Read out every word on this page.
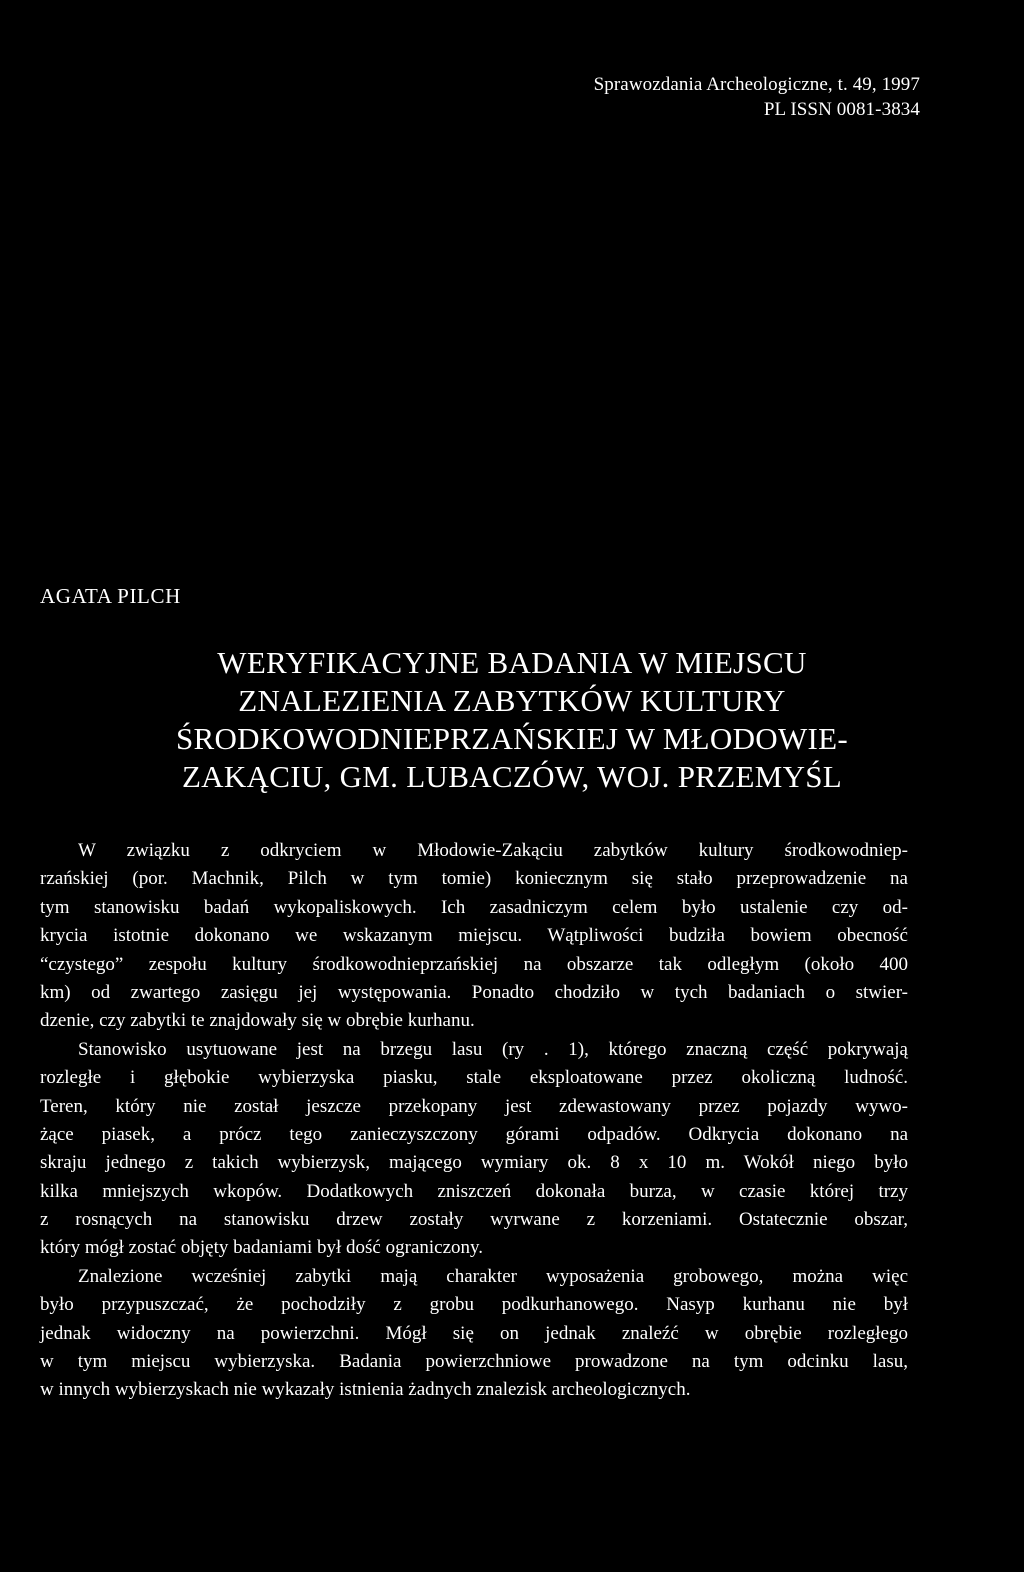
Sprawozdania Archeologiczne, t. 49, 1997
PL ISSN 0081-3834
AGATA PILCH
WERYFIKACYJNE BADANIA W MIEJSCU
ZNALEZIENIA ZABYTKÓW KULTURY
ŚRODKOWODNIEPRZAŃSKIEJ W MŁODOWIE-
ZAKĄCIU, GM. LUBACZÓW, WOJ. PRZEMYŚL
W związku z odkryciem w Młodowie-Zakąciu zabytków kultury środkowodniep-
rzańskiej (por. Machnik, Pilch w tym tomie) koniecznym się stało przeprowadzenie na
tym stanowisku badań wykopaliskowych. Ich zasadniczym celem było ustalenie czy od-
krycia istotnie dokonano we wskazanym miejscu. Wątpliwości budziła bowiem obecność
“czystego” zespołu kultury środkowodnieprzańskiej na obszarze tak odległym (około 400
km) od zwartego zasięgu jej występowania. Ponadto chodziło w tych badaniach o stwier-
dzenie, czy zabytki te znajdowały się w obrębie kurhanu.
Stanowisko usytuowane jest na brzegu lasu (ry . 1), którego znaczną część pokrywają
rozległe i głębokie wybierzyska piasku, stale eksploatowane przez okoliczną ludność.
Teren, który nie został jeszcze przekopany jest zdewastowany przez pojazdy wywo-
żące piasek, a prócz tego zanieczyszczony górami odpadów. Odkrycia dokonano na
skraju jednego z takich wybierzysk, mającego wymiary ok. 8 x 10 m. Wokół niego było
kilka mniejszych wkopów. Dodatkowych zniszczeń dokonała burza, w czasie której trzy
z rosnących na stanowisku drzew zostały wyrwane z korzeniami. Ostatecznie obszar,
który mógł zostać objęty badaniami był dość ograniczony.
Znalezione wcześniej zabytki mają charakter wyposażenia grobowego, można więc
było przypuszczać, że pochodziły z grobu podkurhanowego. Nasyp kurhanu nie był
jednak widoczny na powierzchni. Mógł się on jednak znaleźć w obrębie rozległego
w tym miejscu wybierzyska. Badania powierzchniowe prowadzone na tym odcinku lasu,
w innych wybierzyskach nie wykazały istnienia żadnych znalezisk archeologicznych.
